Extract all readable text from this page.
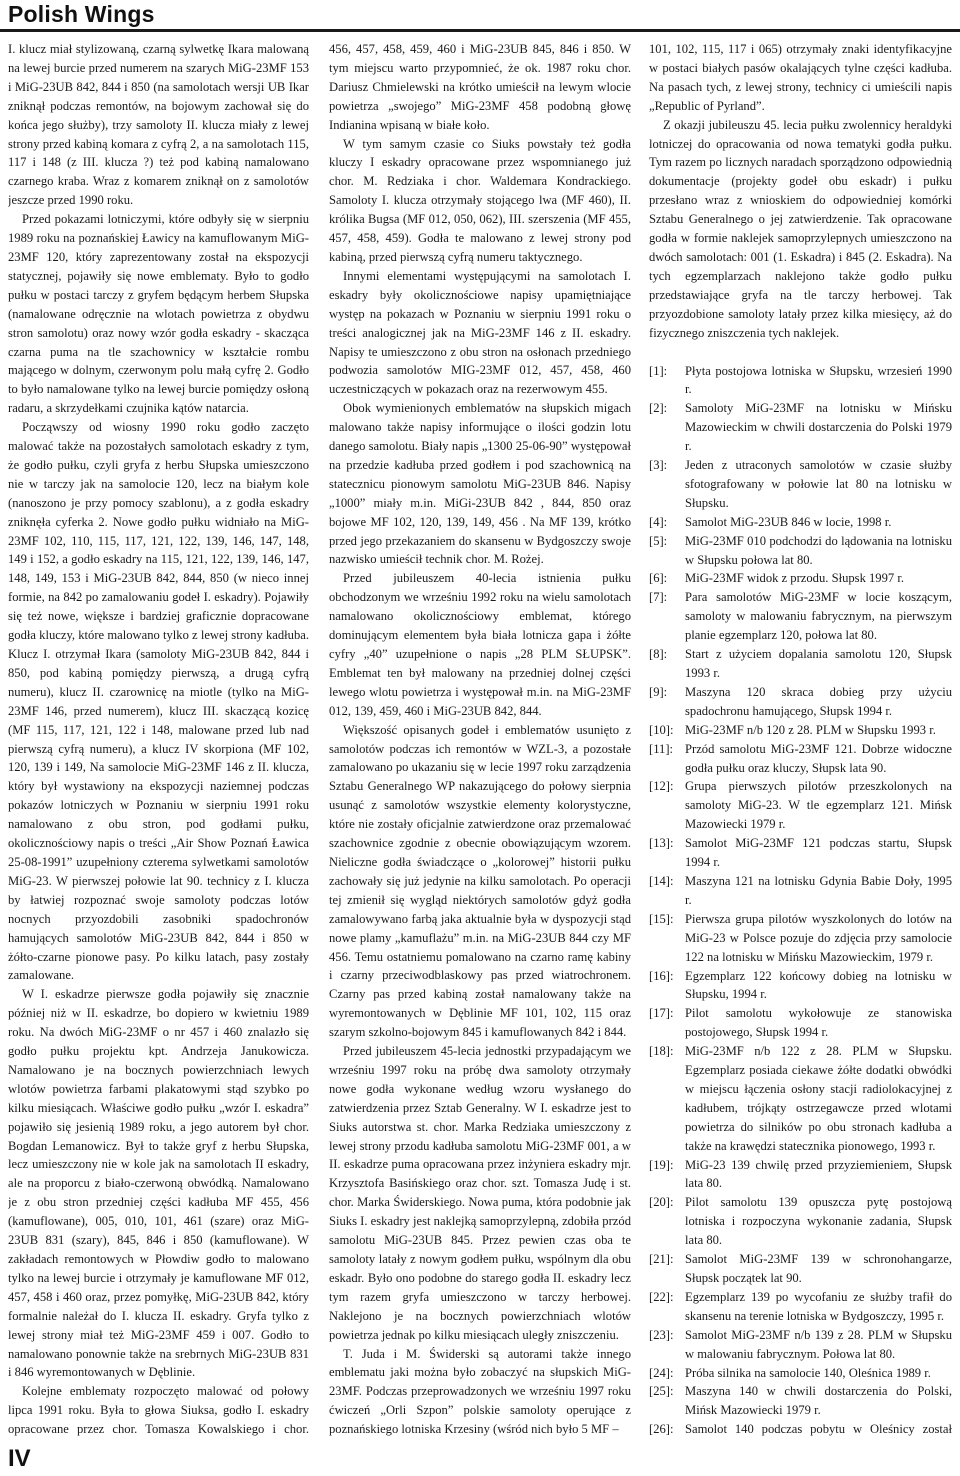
Polish Wings

I. klucz miał stylizowaną, czarną sylwetkę Ikara malowaną na lewej burcie przed numerem na szarych MiG-23MF 153 i MiG-23UB 842, 844 i 850 (na samolotach wersji UB Ikar zniknął podczas remontów, na bojowym zachował się do końca jego służby), trzy samoloty II. klucza miały z lewej strony przed kabiną komara z cyfrą 2, a na samolotach 115, 117 i 148 (z III. klucza ?) też pod kabiną namalowano czarnego kraba. Wraz z komarem zniknął on z samolotów jeszcze przed 1990 roku.

Przed pokazami lotniczymi, które odbyły się w sierpniu 1989 roku na poznańskiej Ławicy na kamuflowanym MiG-23MF 120, który zaprezentowany został na ekspozycji statycznej, pojawiły się nowe emblematy. Było to godło pułku w postaci tarczy z gryfem będącym herbem Słupska (namalowane odręcznie na wlotach powietrza z obydwu stron samolotu) oraz nowy wzór godła eskadry - skacząca czarna puma na tle szachownicy w kształcie rombu mającego w dolnym, czerwonym polu małą cyfrę 2. Godło to było namalowane tylko na lewej burcie pomiędzy osłoną radaru, a skrzydełkami czujnika kątów natarcia.

Począwszy od wiosny 1990 roku godło zaczęto malować także na pozostałych samolotach eskadry z tym, że godło pułku, czyli gryfa z herbu Słupska umieszczono nie w tarczy jak na samolocie 120, lecz na białym kole (nanoszono je przy pomocy szablonu), a z godła eskadry zniknęła cyferka 2. Nowe godło pułku widniało na MiG-23MF 102, 110, 115, 117, 121, 122, 139, 146, 147, 148, 149 i 152, a godło eskadry na 115, 121, 122, 139, 146, 147, 148, 149, 153 i MiG-23UB 842, 844, 850 (w nieco innej formie, na 842 po zamalowaniu godeł I. eskadry). Pojawiły się też nowe, większe i bardziej graficznie dopracowane godła kluczy, które malowano tylko z lewej strony kadłuba. Klucz I. otrzymał Ikara (samoloty MiG-23UB 842, 844 i 850, pod kabiną pomiędzy pierwszą, a drugą cyfrą numeru), klucz II. czarownicę na miotle (tylko na MiG-23MF 146, przed numerem), klucz III. skaczącą kozicę (MF 115, 117, 121, 122 i 148, malowane przed lub nad pierwszą cyfrą numeru), a klucz IV skorpiona (MF 102, 120, 139 i 149, Na samolocie MiG-23MF 146 z II. klucza, który był wystawiony na ekspozycji naziemnej podczas pokazów lotniczych w Poznaniu w sierpniu 1991 roku namalowano z obu stron, pod godłami pułku, okolicznościowy napis o treści „Air Show Poznań Ławica 25-08-1991” uzupełniony czterema sylwetkami samolotów MiG-23. W pierwszej połowie lat 90. technicy z I. klucza by łatwiej rozpoznać swoje samoloty podczas lotów nocnych przyozdobili zasobniki spadochronów hamujących samolotów MiG-23UB 842, 844 i 850 w żółto-czarne pionowe pasy. Po kilku latach, pasy zostały zamalowane.

W I. eskadrze pierwsze godła pojawiły się znacznie później niż w II. eskadrze, bo dopiero w kwietniu 1989 roku. Na dwóch MiG-23MF o nr 457 i 460 znalazło się godło pułku projektu kpt. Andrzeja Janukowicza. Namalowano je na bocznych powierzchniach lewych wlotów powietrza farbami plakatowymi stąd szybko po kilku miesiącach. Właściwe godło pułku „wzór I. eskadra” pojawiło się jesienią 1989 roku, a jego autorem był chor. Bogdan Lemanowicz. Był to także gryf z herbu Słupska, lecz umieszczony nie w kole jak na samolotach II eskadry, ale na proporcu z biało-czerwoną obwódką. Namalowano je z obu stron przedniej części kadłuba MF 455, 456 (kamuflowane), 005, 010, 101, 461 (szare) oraz MiG-23UB 831 (szary), 845, 846 i 850 (kamuflowane). W zakładach remontowych w Płowdiw godło to malowano tylko na lewej burcie i otrzymały je kamuflowane MF 012, 457, 458 i 460 oraz, przez pomyłkę, MiG-23UB 842, który formalnie należał do I. klucza II. eskadry. Gryfa tylko z lewej strony miał też MiG-23MF 459 i 007. Godło to namalowano ponownie także na srebrnych MiG-23UB 831 i 846 wyremontowanych w Dęblinie.

Kolejne emblematy rozpoczęto malować od połowy lipca 1991 roku. Była to głowa Siuksa, godło I. eskadry opracowane przez chor. Tomasza Kowalskiego i chor.

456, 457, 458, 459, 460 i MiG-23UB 845, 846 i 850. W tym miejscu warto przypomnieć, że ok. 1987 roku chor. Dariusz Chmielewski na krótko umieścił na lewym wlocie powietrza „swojego” MiG-23MF 458 podobną głowę Indianina wpisaną w białe koło.

W tym samym czasie co Siuks powstały też godła kluczy I eskadry opracowane przez wspomnianego już chor. M. Redziaka i chor. Waldemara Kondrackiego. Samoloty I. klucza otrzymały stojącego lwa (MF 460), II. królika Bugsa (MF 012, 050, 062), III. szerszenia (MF 455, 457, 458, 459). Godła te malowano z lewej strony pod kabiną, przed pierwszą cyfrą numeru taktycznego.

Innymi elementami występującymi na samolotach I. eskadry były okolicznościowe napisy upamiętniające występ na pokazach w Poznaniu w sierpniu 1991 roku o treści analogicznej jak na MiG-23MF 146 z II. eskadry. Napisy te umieszczono z obu stron na osłonach przedniego podwozia samolotów MIG-23MF 012, 457, 458, 460 uczestniczących w pokazach oraz na rezerwowym 455.

Obok wymienionych emblematów na słupskich migach malowano także napisy informujące o ilości godzin lotu danego samolotu. Biały napis „1300 25-06-90” występował na przedzie kadłuba przed godłem i pod szachownicą na statecznicu pionowym samolotu MiG-23UB 846. Napisy „1000” miały m.in. MiGi-23UB 842 , 844, 850 oraz bojowe MF 102, 120, 139, 149, 456 . Na MF 139, krótko przed jego przekazaniem do skansenu w Bydgoszczy swoje nazwisko umieścił technik chor. M. Rożej.

Przed jubileuszem 40-lecia istnienia pułku obchodzonym we wrześniu 1992 roku na wielu samolotach namalowano okolicznościowy emblemat, którego dominującym elementem była biała lotnicza gapa i żółte cyfry „40” uzupełnione o napis „28 PLM SŁUPSK”. Emblemat ten był malowany na przedniej dolnej części lewego wlotu powietrza i występował m.in. na MiG-23MF 012, 139, 459, 460 i MiG-23UB 842, 844.

Większość opisanych godeł i emblematów usunięto z samolotów podczas ich remontów w WZL-3, a pozostałe zamalowano po ukazaniu się w lecie 1997 roku zarządzenia Sztabu Generalnego WP nakazującego do połowy sierpnia usunąć z samolotów wszystkie elementy kolorystyczne, które nie zostały oficjalnie zatwierdzone oraz przemalować szachownice zgodnie z obecnie obowiązującym wzorem. Nieliczne godła świadczące o „kolorowej” historii pułku zachowały się już jedynie na kilku samolotach. Po operacji tej zmienił się wygląd niektórych samolotów gdyż godła zamalowywano farbą jaka aktualnie była w dyspozycji stąd nowe plamy „kamuflażu” m.in. na MiG-23UB 844 czy MF 456. Temu ostatniemu pomalowano na czarno ramę kabiny i czarny przeciwodblaskowy pas przed wiatrochronem. Czarny pas przed kabiną został namalowany także na wyremontowanych w Dęblinie MF 101, 102, 115 oraz szarym szkolno-bojowym 845 i kamuflowanych 842 i 844.

Przed jubileuszem 45-lecia jednostki przypadającym we wrześniu 1997 roku na próbę dwa samoloty otrzymały nowe godła wykonane według wzoru wysłanego do zatwierdzenia przez Sztab Generalny. W I. eskadrze jest to Siuks autorstwa st. chor. Marka Redziaka umieszczony z lewej strony przodu kadłuba samolotu MiG-23MF 001, a w II. eskadrze puma opracowana przez inżyniera eskadry mjr. Krzysztofa Basińskiego oraz chor. szt. Tomasza Judę i st. chor. Marka Świderskiego. Nowa puma, która podobnie jak Siuks I. eskadry jest naklejką samoprzylepną, zdobiła przód samolotu MiG-23UB 845. Przez pewien czas oba te samoloty latały z nowym godłem pułku, wspólnym dla obu eskadr. Było ono podobne do starego godła II. eskadry lecz tym razem gryfa umieszczono w tarczy herbowej. Naklejono je na bocznych powierzchniach wlotów powietrza jednak po kilku miesiącach uległy zniszczeniu.

T. Juda i M. Świderski są autorami także innego emblematu jaki można było zobaczyć na słupskich MiG-23MF. Podczas przeprowadzonych we wrześniu 1997 roku ćwiczeń „Orli Szpon” polskie samoloty operujące z poznańskiego lotniska Krzesiny (wśród nich było 5 MF –

101, 102, 115, 117 i 065) otrzymały znaki identyfikacyjne w postaci białych pasów okalających tylne części kadłuba. Na pasach tych, z lewej strony, technicy ci umieścili napis „Republic of Pyrland”.

Z okazji jubileuszu 45. lecia pułku zwolennicy heraldyki lotniczej do opracowania od nowa tematyki godła pułku. Tym razem po licznych naradach sporządzono odpowiednią dokumentacje (projekty godeł obu eskadr) i pułku przesłano wraz z wnioskiem do odpowiedniej komórki Sztabu Generalnego o jej zatwierdzenie. Tak opracowane godła w formie naklejek samoprzylepnych umieszczono na dwóch samolotach: 001 (1. Eskadra) i 845 (2. Eskadra). Na tych egzemplarzach naklejono także godło pułku przedstawiające gryfa na tle tarczy herbowej. Tak przyozdobione samoloty latały przez kilka miesięcy, aż do fizycznego zniszczenia tych naklejek.

[1]:	Płyta postojowa lotniska w Słupsku, wrzesień 1990 r.
[2]:	Samoloty MiG-23MF na lotnisku w Mińsku Mazowieckim w chwili dostarczenia do Polski 1979 r.
[3]:	Jeden z utraconych samolotów w czasie służby sfotografowany w połowie lat 80 na lotnisku w Słupsku.
[4]:	Samolot MiG-23UB 846 w locie, 1998 r.
[5]:	MiG-23MF 010 podchodzi do lądowania na lotnisku w Słupsku połowa lat 80.
[6]:	MiG-23MF widok z przodu. Słupsk 1997 r.
[7]:	Para samolotów MiG-23MF w locie koszącym, samoloty w malowaniu fabrycznym, na pierwszym planie egzemplarz 120, połowa lat 80.
[8]:	Start z użyciem dopalania samolotu 120, Słupsk 1993 r.
[9]:	Maszyna 120 skraca dobieg przy użyciu spadochronu hamującego, Słupsk 1994 r.
[10]: MiG-23MF n/b 120 z 28. PLM w Słupsku 1993 r.
[11]: Przód samolotu MiG-23MF 121. Dobrze widoczne godła pułku oraz kluczy, Słupsk lata 90.
[12]: Grupa pierwszych pilotów przeszkolonych na samoloty MiG-23. W tle egzemplarz 121. Mińsk Mazowiecki 1979 r.
[13]: Samolot MiG-23MF 121 podczas startu, Słupsk 1994 r.
[14]: Maszyna 121 na lotnisku Gdynia Babie Doły, 1995 r.
[15]: Pierwsza grupa pilotów wyszkolonych do lotów na MiG-23 w Polsce pozuje do zdjęcia przy samolocie 122 na lotnisku w Mińsku Mazowieckim, 1979 r.
[16]: Egzemplarz 122 końcowy dobieg na lotnisku w Słupsku, 1994 r.
[17]: Pilot samolotu wykołowuje ze stanowiska postojowego, Słupsk 1994 r.
[18]: MiG-23MF n/b 122 z 28. PLM w Słupsku. Egzemplarz posiada ciekawe żółte dodatki obwódki w miejscu łączenia osłony stacji radiolokacyjnej z kadłubem, trójkąty ostrzegawcze przed wlotami powietrza do silników po obu stronach kadłuba a także na krawędzi statecznika pionowego, 1993 r.
[19]: MiG-23 139 chwilę przed przyziemieniem, Słupsk lata 80.
[20]: Pilot samolotu 139 opuszcza pytę postojową lotniska i rozpoczyna wykonanie zadania, Słupsk lata 80.
[21]: Samolot MiG-23MF 139 w schronohangarze, Słupsk początek lat 90.
[22]: Egzemplarz 139 po wycofaniu ze służby trafił do skansenu na terenie lotniska w Bydgoszczy, 1995 r.
[23]: Samolot MiG-23MF n/b 139 z 28. PLM w Słupsku w malowaniu fabrycznym. Połowa lat 80.
[24]: Próba silnika na samolocie 140, Oleśnica 1989 r.
[25]: Maszyna 140 w chwili dostarczenia do Polski, Mińsk Mazowiecki 1979 r.
[26]: Samolot 140 podczas pobytu w Oleśnicy został
IV
